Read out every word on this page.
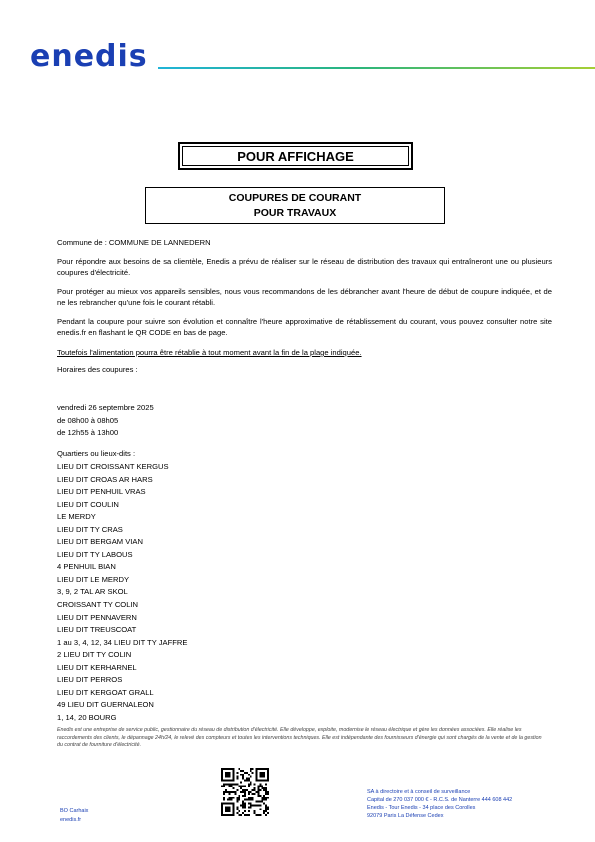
enedis
POUR AFFICHAGE
COUPURES DE COURANT
POUR TRAVAUX
Commune de : COMMUNE DE LANNEDERN
Pour répondre aux besoins de sa clientèle, Enedis a prévu de réaliser sur le réseau de distribution des travaux qui entraîneront une ou plusieurs coupures d'électricité.
Pour protéger au mieux vos appareils sensibles, nous vous recommandons de les débrancher avant l'heure de début de coupure indiquée, et de ne les rebrancher qu'une fois le courant rétabli.
Pendant la coupure pour suivre son évolution et connaître l'heure approximative de rétablissement du courant, vous pouvez consulter notre site enedis.fr en flashant le QR CODE en bas de page.
Toutefois l'alimentation pourra être rétablie à tout moment avant la fin de la plage indiquée.
Horaires des coupures :
vendredi 26 septembre 2025
de 08h00 à 08h05
de 12h55 à 13h00
Quartiers ou lieux-dits :
LIEU DIT CROISSANT KERGUS
LIEU DIT CROAS AR HARS
LIEU DIT PENHUIL VRAS
LIEU DIT COULIN
LE MERDY
LIEU DIT TY CRAS
LIEU DIT BERGAM VIAN
LIEU DIT TY LABOUS
4 PENHUIL BIAN
LIEU DIT LE MERDY
3, 9, 2 TAL AR SKOL
CROISSANT TY COLIN
LIEU DIT PENNAVERN
LIEU DIT TREUSCOAT
1 au 3, 4, 12, 34 LIEU DIT TY JAFFRE
2 LIEU DIT TY COLIN
LIEU DIT KERHARNEL
LIEU DIT PERROS
LIEU DIT KERGOAT GRALL
49 LIEU DIT GUERNALEON
1, 14, 20 BOURG
Enedis est une entreprise de service public, gestionnaire du réseau de distribution d'électricité. Elle développe, exploite, modernise le réseau électrique et gère les données associées. Elle réalise les raccordements des clients, le dépannage 24h/24, le relevé des compteurs et toutes les interventions techniques. Elle est indépendante des fournisseurs d'énergie qui sont chargés de la vente et de la gestion du contrat de fourniture d'électricité.
BO Carhaix
enedis.fr
SA à directoire et à conseil de surveillance
Capital de 270 037 000 € - R.C.S. de Nanterre 444 608 442
Enedis - Tour Enedis - 34 place des Corolles
92079 Paris La Défense Cedex
